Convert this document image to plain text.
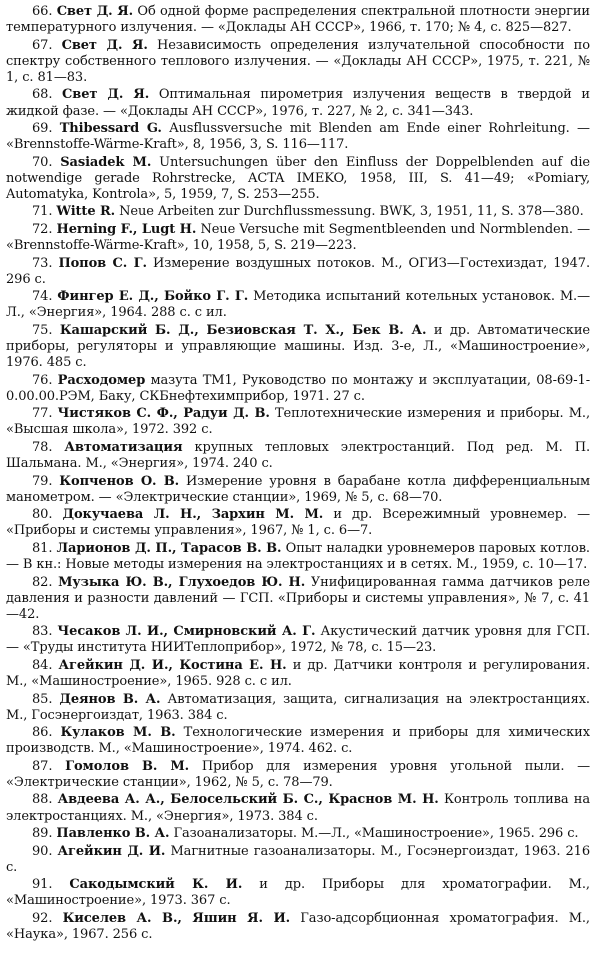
66. Свет Д. Я. Об одной форме распределения спектральной плотности энергии температурного излучения. — «Доклады АН СССР», 1966, т. 170; № 4, с. 825—827.

67. Свет Д. Я. Независимость определения излучательной способности по спектру собственного теплового излучения. — «Доклады АН СССР», 1975, т. 221, № 1, с. 81—83.

68. Свет Д. Я. Оптимальная пирометрия излучения веществ в твердой и жидкой фазе. — «Доклады АН СССР», 1976, т. 227, № 2, с. 341—343.

69. Thibessard G. Ausflussversuche mit Blenden am Ende einer Rohrleitung. — «Brennstoffe-Wärme-Kraft», 8, 1956, 3, S. 116—117.

70. Sasiadek M. Untersuchungen über den Einfluss der Doppelblenden auf die notwendige gerade Rohrstrecke, ACTA IMEKO, 1958, III, S. 41—49; «Pomiary, Automatyka, Kontrola», 5, 1959, 7, S. 253—255.

71. Witte R. Neue Arbeiten zur Durchflussmessung. BWK, 3, 1951, 11, S. 378—380.

72. Herning F., Lugt H. Neue Versuche mit Segmentbleenden und Normblenden. — «Brennstoffe-Wärme-Kraft», 10, 1958, 5, S. 219—223.

73. Попов С. Г. Измерение воздушных потоков. М., ОГИЗ—Гостехиздат, 1947. 296 с.

74. Фингер Е. Д., Бойко Г. Г. Методика испытаний котельных установок. М.—Л., «Энергия», 1964. 288 с. с ил.

75. Кашарский Б. Д., Безиовская Т. Х., Бек В. А. и др. Автоматические приборы, регуляторы и управляющие машины. Изд. 3-е, Л., «Машиностроение», 1976. 485 с.

76. Расходомер мазута ТМ1, Руководство по монтажу и эксплуатации, 08-69-1-0.00.00.РЭМ, Баку, СКБнефтехимприбор, 1971. 27 с.

77. Чистяков С. Ф., Радуи Д. В. Теплотехнические измерения и приборы. М., «Высшая школа», 1972. 392 с.

78. Автоматизация крупных тепловых электростанций. Под ред. М. П. Шальмана. М., «Энергия», 1974. 240 с.

79. Копченов О. В. Измерение уровня в барабане котла дифференциальным манометром. — «Электрические станции», 1969, № 5, с. 68—70.

80. Докучаева Л. Н., Зархин М. М. и др. Всережимный уровнемер. — «Приборы и системы управления», 1967, № 1, с. 6—7.

81. Ларионов Д. П., Тарасов В. В. Опыт наладки уровнемеров паровых котлов. — В кн.: Новые методы измерения на электростанциях и в сетях. М., 1959, с. 10—17.

82. Музыка Ю. В., Глухоедов Ю. Н. Унифицированная гамма датчиков реле давления и разности давлений — ГСП. «Приборы и системы управления», № 7, с. 41—42.

83. Чесаков Л. И., Смирновский А. Г. Акустический датчик уровня для ГСП. — «Труды института НИИТеплоприбор», 1972, № 78, с. 15—23.

84. Агейкин Д. И., Костина Е. Н. и др. Датчики контроля и регулирования. М., «Машиностроение», 1965. 928 с. с ил.

85. Деянов В. А. Автоматизация, защита, сигнализация на электростанциях. М., Госэнергоиздат, 1963. 384 с.

86. Кулаков М. В. Технологические измерения и приборы для химических производств. М., «Машиностроение», 1974. 462. с.

87. Гомолов В. М. Прибор для измерения уровня угольной пыли. — «Электрические станции», 1962, № 5, с. 78—79.

88. Авдеева А. А., Белосельский Б. С., Краснов М. Н. Контроль топлива на электростанциях. М., «Энергия», 1973. 384 с.

89. Павленко В. А. Газоанализаторы. М.—Л., «Машиностроение», 1965. 296 с.

90. Агейкин Д. И. Магнитные газоанализаторы. М., Госэнергоиздат, 1963. 216 с.

91. Сакодымский К. И. и др. Приборы для хроматографии. М., «Машиностроение», 1973. 367 с.

92. Киселев А. В., Яшин Я. И. Газо-адсорбционная хроматография. М., «Наука», 1967. 256 с.
